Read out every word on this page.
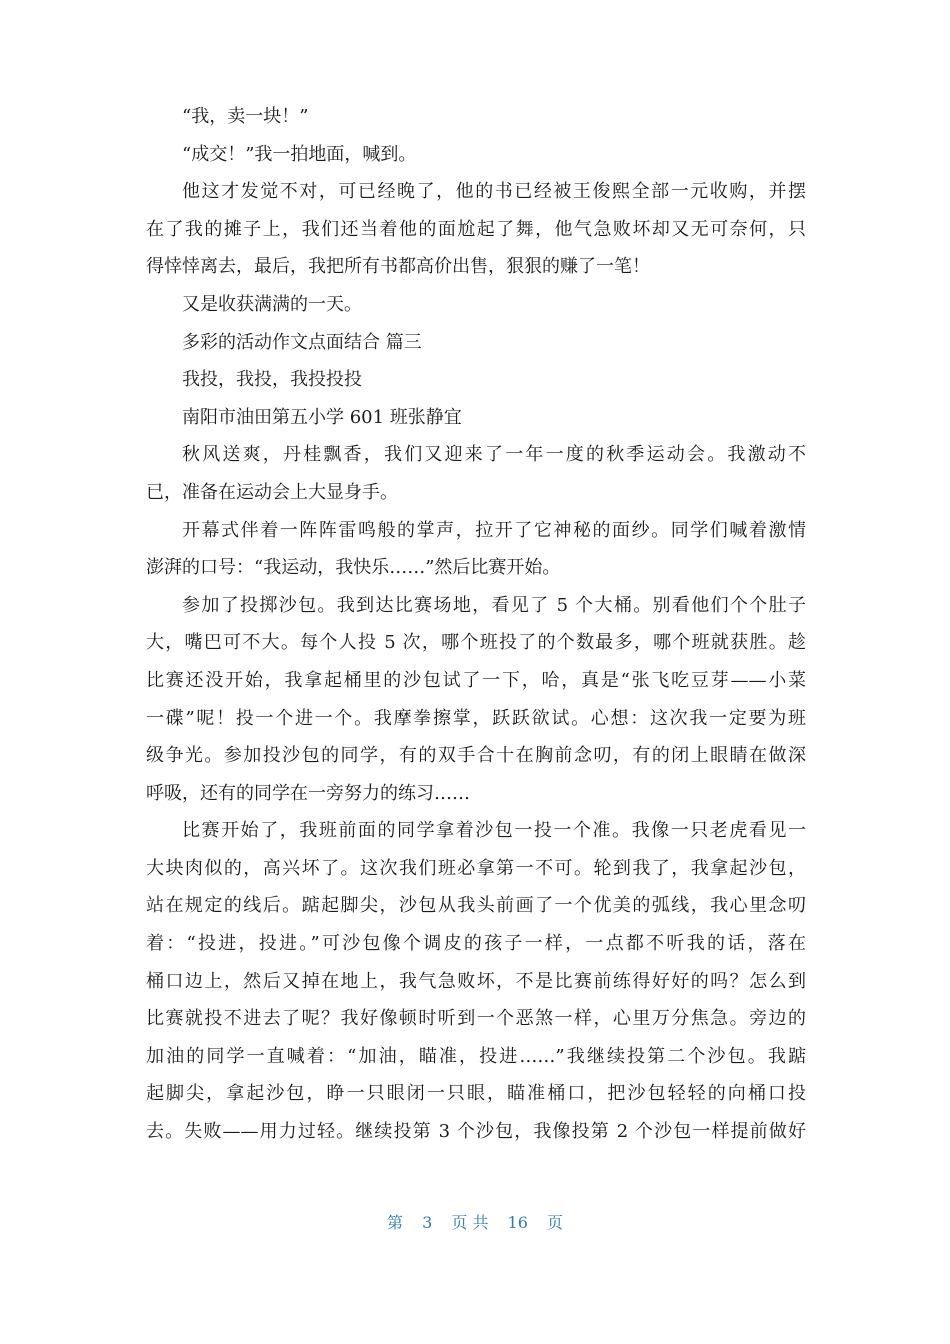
“我，卖一块！”
“成交！”我一拍地面，喊到。
他这才发觉不对，可已经晚了，他的书已经被王俊熙全部一元收购，并摆
在了我的摊子上，我们还当着他的面尬起了舞，他气急败坏却又无可奈何，只
得悻悻离去，最后，我把所有书都高价出售，狠狠的赚了一笔！
又是收获满满的一天。
多彩的活动作文点面结合 篇三
我投，我投，我投投投
南阳市油田第五小学 601 班张静宜
秋风送爽，丹桂飘香，我们又迎来了一年一度的秋季运动会。我激动不
已，准备在运动会上大显身手。
开幕式伴着一阵阵雷鸣般的掌声，拉开了它神秘的面纱。同学们喊着激情
澎湃的口号：“我运动，我快乐……”然后比赛开始。
参加了投掷沙包。我到达比赛场地，看见了 5 个大桶。别看他们个个肚子
大，嘴巴可不大。每个人投 5 次，哪个班投了的个数最多，哪个班就获胜。趁
比赛还没开始，我拿起桶里的沙包试了一下，哈，真是“张飞吃豆芽——小菜
一碟”呢！投一个进一个。我摩拳擦掌，跃跃欲试。心想：这次我一定要为班
级争光。参加投沙包的同学，有的双手合十在胸前念叨，有的闭上眼睛在做深
呼吸，还有的同学在一旁努力的练习……
比赛开始了，我班前面的同学拿着沙包一投一个准。我像一只老虎看见一
大块肉似的，高兴坏了。这次我们班必拿第一不可。轮到我了，我拿起沙包，
站在规定的线后。踮起脚尖，沙包从我头前画了一个优美的弧线，我心里念叨
着：“投进，投进。”可沙包像个调皮的孩子一样，一点都不听我的话，落在
桶口边上，然后又掉在地上，我气急败坏，不是比赛前练得好好的吗？怎么到
比赛就投不进去了呢？我好像顿时听到一个恶煞一样，心里万分焦急。旁边的
加油的同学一直喊着：“加油，瞄准，投进……”我继续投第二个沙包。我踮
起脚尖，拿起沙包，睁一只眼闭一只眼，瞄准桶口，把沙包轻轻的向桶口投
去。失败——用力过轻。继续投第 3 个沙包，我像投第 2 个沙包一样提前做好
第 3 页 共 16 页
